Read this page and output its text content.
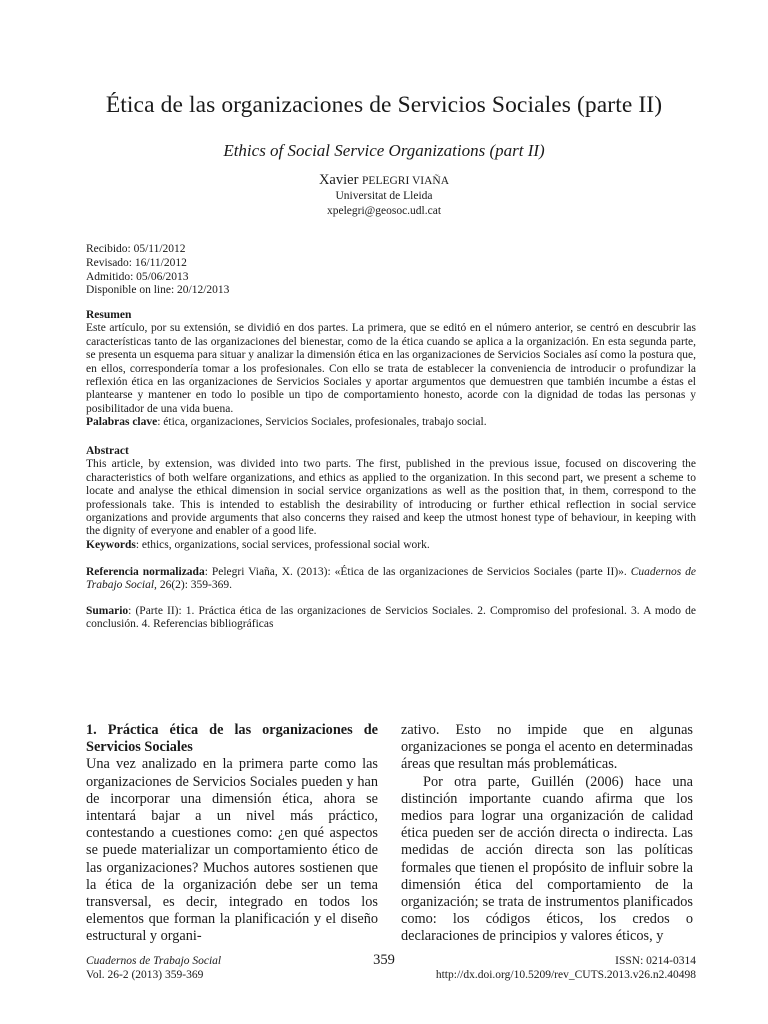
Ética de las organizaciones de Servicios Sociales (parte II)
Ethics of Social Service Organizations (part II)
Xavier PELEGRI VIAÑA
Universitat de Lleida
xpelegri@geosoc.udl.cat
Recibido: 05/11/2012
Revisado: 16/11/2012
Admitido: 05/06/2013
Disponible on line: 20/12/2013
Resumen
Este artículo, por su extensión, se dividió en dos partes. La primera, que se editó en el número anterior, se centró en descubrir las características tanto de las organizaciones del bienestar, como de la ética cuando se aplica a la organización. En esta segunda parte, se presenta un esquema para situar y analizar la dimensión ética en las organizaciones de Servicios Sociales así como la postura que, en ellos, correspondería tomar a los profesionales. Con ello se trata de establecer la conveniencia de introducir o profundizar la reflexión ética en las organizaciones de Servicios Sociales y aportar argumentos que demuestren que también incumbe a éstas el plantearse y mantener en todo lo posible un tipo de comportamiento honesto, acorde con la dignidad de todas las personas y posibilitador de una vida buena.
Palabras clave: ética, organizaciones, Servicios Sociales, profesionales, trabajo social.
Abstract
This article, by extension, was divided into two parts. The first, published in the previous issue, focused on discovering the characteristics of both welfare organizations, and ethics as applied to the organization. In this second part, we present a scheme to locate and analyse the ethical dimension in social service organizations as well as the position that, in them, correspond to the professionals take. This is intended to establish the desirability of introducing or further ethical reflection in social service organizations and provide arguments that also concerns they raised and keep the utmost honest type of behaviour, in keeping with the dignity of everyone and enabler of a good life.
Keywords: ethics, organizations, social services, professional social work.
Referencia normalizada: Pelegri Viaña, X. (2013): «Ética de las organizaciones de Servicios Sociales (parte II)». Cuadernos de Trabajo Social, 26(2): 359-369.
Sumario: (Parte II): 1. Práctica ética de las organizaciones de Servicios Sociales. 2. Compromiso del profesional. 3. A modo de conclusión. 4. Referencias bibliográficas

1. Práctica ética de las organizaciones de Servicios Sociales

Una vez analizado en la primera parte como las organizaciones de Servicios Sociales pueden y han de incorporar una dimensión ética, ahora se intentará bajar a un nivel más práctico, contestando a cuestiones como: ¿en qué aspectos se puede materializar un comportamiento ético de las organizaciones? Muchos autores sostienen que la ética de la organización debe ser un tema transversal, es decir, integrado en todos los elementos que forman la planificación y el diseño estructural y organi-

zativo. Esto no impide que en algunas organizaciones se ponga el acento en determinadas áreas que resultan más problemáticas.

Por otra parte, Guillén (2006) hace una distinción importante cuando afirma que los medios para lograr una organización de calidad ética pueden ser de acción directa o indirecta. Las medidas de acción directa son las políticas formales que tienen el propósito de influir sobre la dimensión ética del comportamiento de la organización; se trata de instrumentos planificados como: los códigos éticos, los credos o declaraciones de principios y valores éticos, y

Cuadernos de Trabajo Social
Vol. 26-2 (2013) 359-369
359	ISSN: 0214-0314
http://dx.doi.org/10.5209/rev_CUTS.2013.v26.n2.40498
